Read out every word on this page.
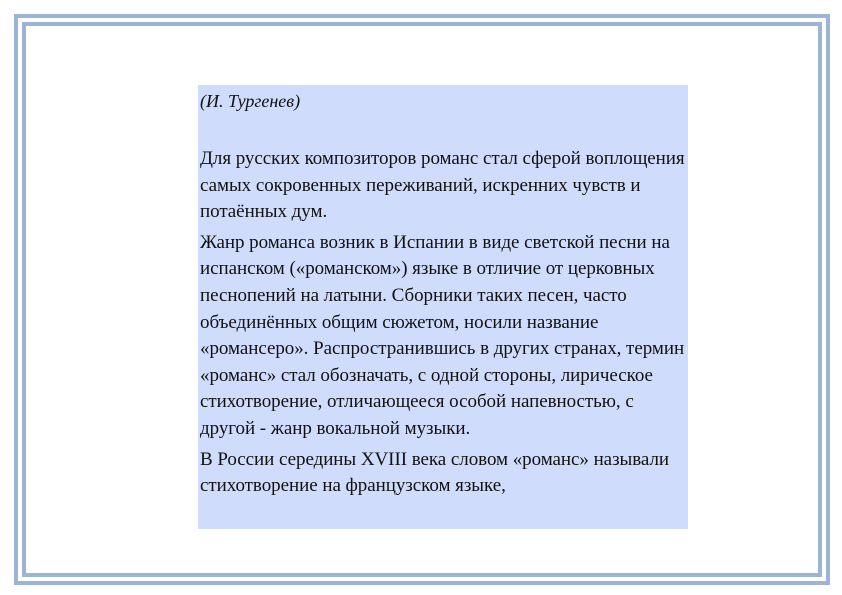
(И. Тургенев)

Для русских композиторов романс стал сферой воплощения самых сокровенных переживаний, искренних чувств и потаённых дум.

Жанр романса возник в Испании в виде светской песни на испанском («романском») языке в отличие от церковных песнопений на латыни. Сборники таких песен, часто объединённых общим сюжетом, носили название «романсеро». Распространившись в других странах, термин «романс» стал обозначать, с одной стороны, лирическое стихотворение, отличающееся особой напевностью, с другой - жанр вокальной музыки.

В России середины XVIII века словом «романс» называли стихотворение на французском языке,
